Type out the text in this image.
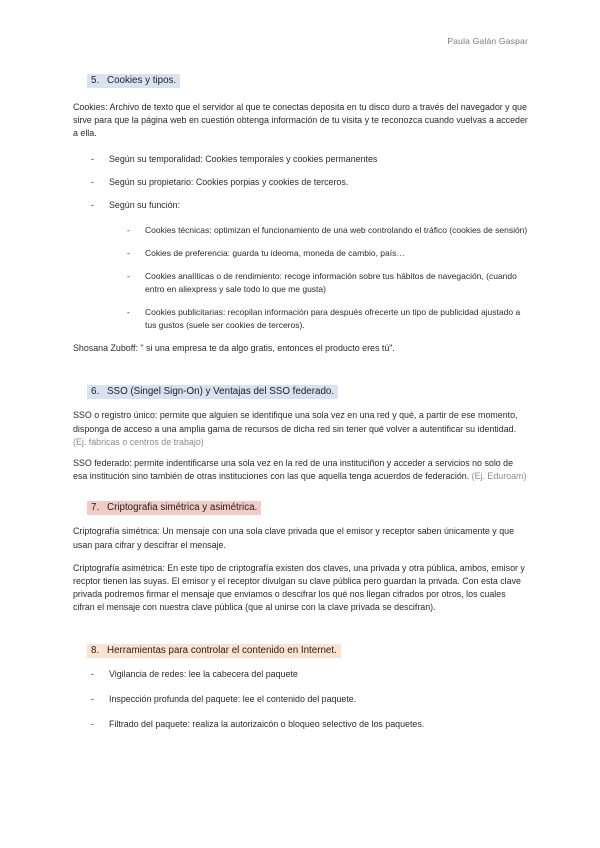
Paula Galán Gaspar
5. Cookies y tipos.

Cookies: Archivo de texto que el servidor al que te conectas deposita en tu disco duro a través del navegador y que sirve para que la página web en cuestión obtenga información de tu visita y te reconozca cuando vuelvas a acceder a ella.

- Según su temporalidad: Cookies temporales y cookies permanentes
- Según su propietario: Cookies porpias y cookies de terceros.
- Según su función:
- Cookies técnicas: optimizan el funcionamiento de una web controlando el tráfico (cookies de sensión)
- Cokies de preferencia: guarda tu ideoma, moneda de cambio, país…
- Cookies analíticas o de rendimiento: recoge información sobre tus hábitos de navegación, (cuando entro en aliexpress y sale todo lo que me gusta)
- Cookies publicitarias: recopilan información para después ofrecerte un tipo de publicidad ajustado a tus gustos (suele ser cookies de terceros).

Shosana Zuboff: " si una empresa te da algo gratis, entonces el producto eres tú".

6. SSO (Singel Sign-On) y Ventajas del SSO federado.

SSO o registro único: permite que alguien se identifique una sola vez en una red y qué, a partir de ese momento, disponga de acceso a una amplia gama de recursos de dicha red sin tener qué volver a autentificar su identidad. (Ej. fábricas o centros de trabajo)

SSO federado: permite indentificarse una sola vez en la red de una instituciñon y acceder a servicios no solo de esa institución sino también de otras instituciones con las que aquella tenga acuerdos de federación. (Ej. Eduroam)

7. Criptografia simétrica y asimétrica.

Criptografía simétrica: Un mensaje con una sola clave privada que el emisor y receptor saben únicamente y que usan para cifrar y descifrar el mensaje.

Criptografía asimétrica: En este tipo de criptografía existen dos claves, una privada y otra pública, ambos, emisor y recptor tienen las suyas. El emisor y el receptor divulgan su clave pública pero guardan la privada. Con esta clave privada podremos firmar el mensaje que enviamos o descifrar los qué nos llegan cifrados por otros, los cuales cifran el mensaje con nuestra clave pública (que al unirse con la clave privada se descifran).

8. Herramientas para controlar el contenido en Internet.
- Vigilancia de redes: lee la cabecera del paquete
- Inspección profunda del paquete: lee el contenido del paquete.
- Filtrado del paquete: realiza la autorizaicón o bloqueo selectivo de los paquetes.
